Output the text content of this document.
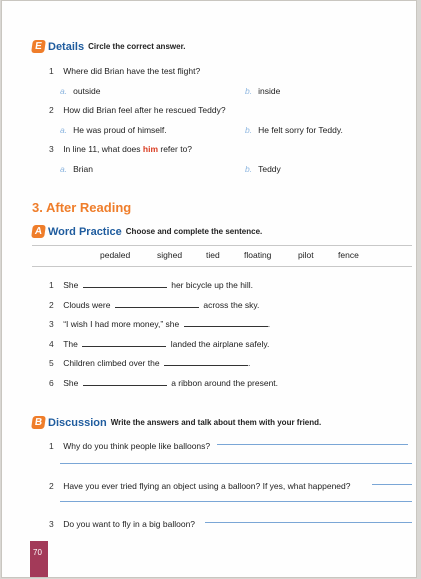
E Details Circle the correct answer.
1 Where did Brian have the test flight?
a. outside	b. inside
2 How did Brian feel after he rescued Teddy?
a. He was proud of himself.	b. He felt sorry for Teddy.
3 In line 11, what does him refer to?
a. Brian	b. Teddy
3. After Reading
A Word Practice Choose and complete the sentence.
pedaled	sighed	tied	floating	pilot	fence
1 She	her bicycle up the hill.
2 Clouds were	across the sky.
3 “I wish I had more money,” she	.
4 The	landed the airplane safely.
5 Children climbed over the	.
6 She	a ribbon around the present.
B Discussion Write the answers and talk about them with your friend.
1 Why do you think people like balloons?
2 Have you ever tried flying an object using a balloon? If yes, what happened?
3 Do you want to fly in a big balloon?
70
